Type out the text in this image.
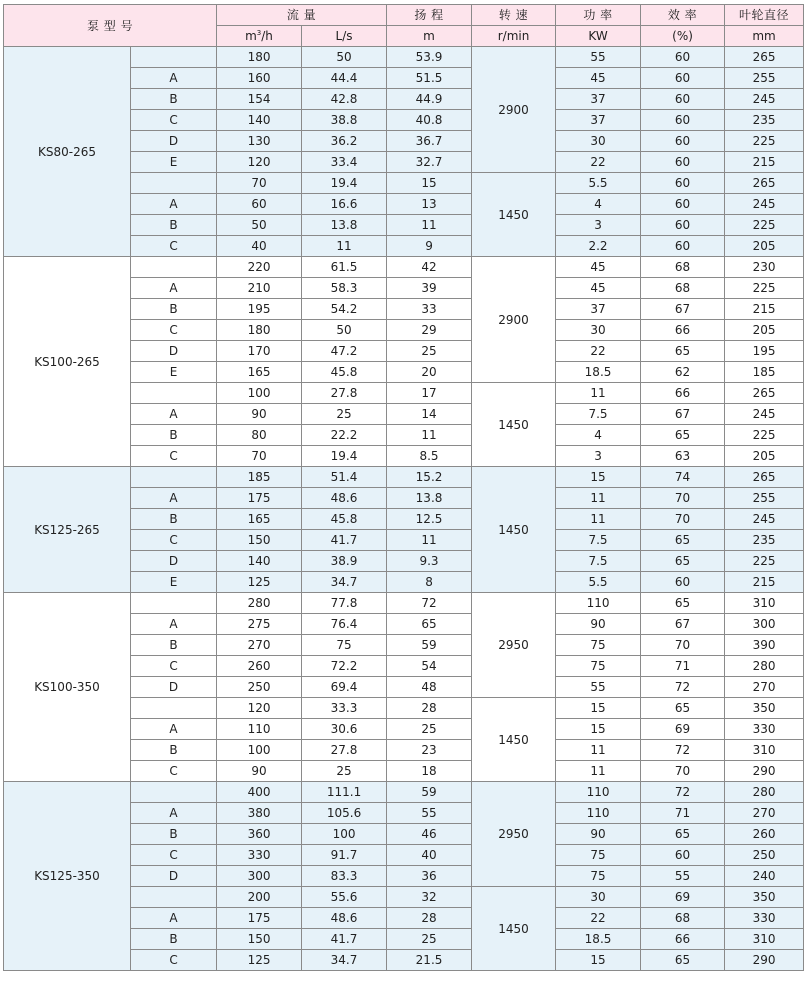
泵 型 号		流 量		扬 程	转 速	功 率	效 率	叶轮直径
		$m^3/h$	L/s	m	r/min	KW	(%)	mm
KS80-265		180	50	53.9	2900	55	60	265
	A	160	44.4	51.5		45	60	255
	B	154	42.8	44.9		37	60	245
	C	140	38.8	40.8		37	60	235
	D	130	36.2	36.7		30	60	225
	E	120	33.4	32.7		22	60	215
		70	19.4	15	1450	5.5	60	265
	A	60	16.6	13		4	60	245
	B	50	13.8	11		3	60	225
	C	40	11	9		2.2	60	205
KS100-265		220	61.5	42	2900	45	68	230
	A	210	58.3	39		45	68	225
	B	195	54.2	33		37	67	215
	C	180	50	29		30	66	205
	D	170	47.2	25		22	65	195
	E	165	45.8	20		18.5	62	185
		100	27.8	17	1450	11	66	265
	A	90	25	14		7.5	67	245
	B	80	22.2	11		4	65	225
	C	70	19.4	8.5		3	63	205
KS125-265		185	51.4	15.2	1450	15	74	265
	A	175	48.6	13.8		11	70	255
	B	165	45.8	12.5		11	70	245
	C	150	41.7	11		7.5	65	235
	D	140	38.9	9.3		7.5	65	225
	E	125	34.7	8		5.5	60	215
KS100-350		280	77.8	72	2950	110	65	310
	A	275	76.4	65		90	67	300
	B	270	75	59		75	70	390
	C	260	72.2	54		75	71	280
	D	250	69.4	48		55	72	270
		120	33.3	28	1450	15	65	350
	A	110	30.6	25		15	69	330
	B	100	27.8	23		11	72	310
	C	90	25	18		11	70	290
KS125-350		400	111.1	59	2950	110	72	280
	A	380	105.6	55		110	71	270
	B	360	100	46		90	65	260
	C	330	91.7	40		75	60	250
	D	300	83.3	36		75	55	240
		200	55.6	32	1450	30	69	350
	A	175	48.6	28		22	68	330
	B	150	41.7	25		18.5	66	310
	C	125	34.7	21.5		15	65	290
